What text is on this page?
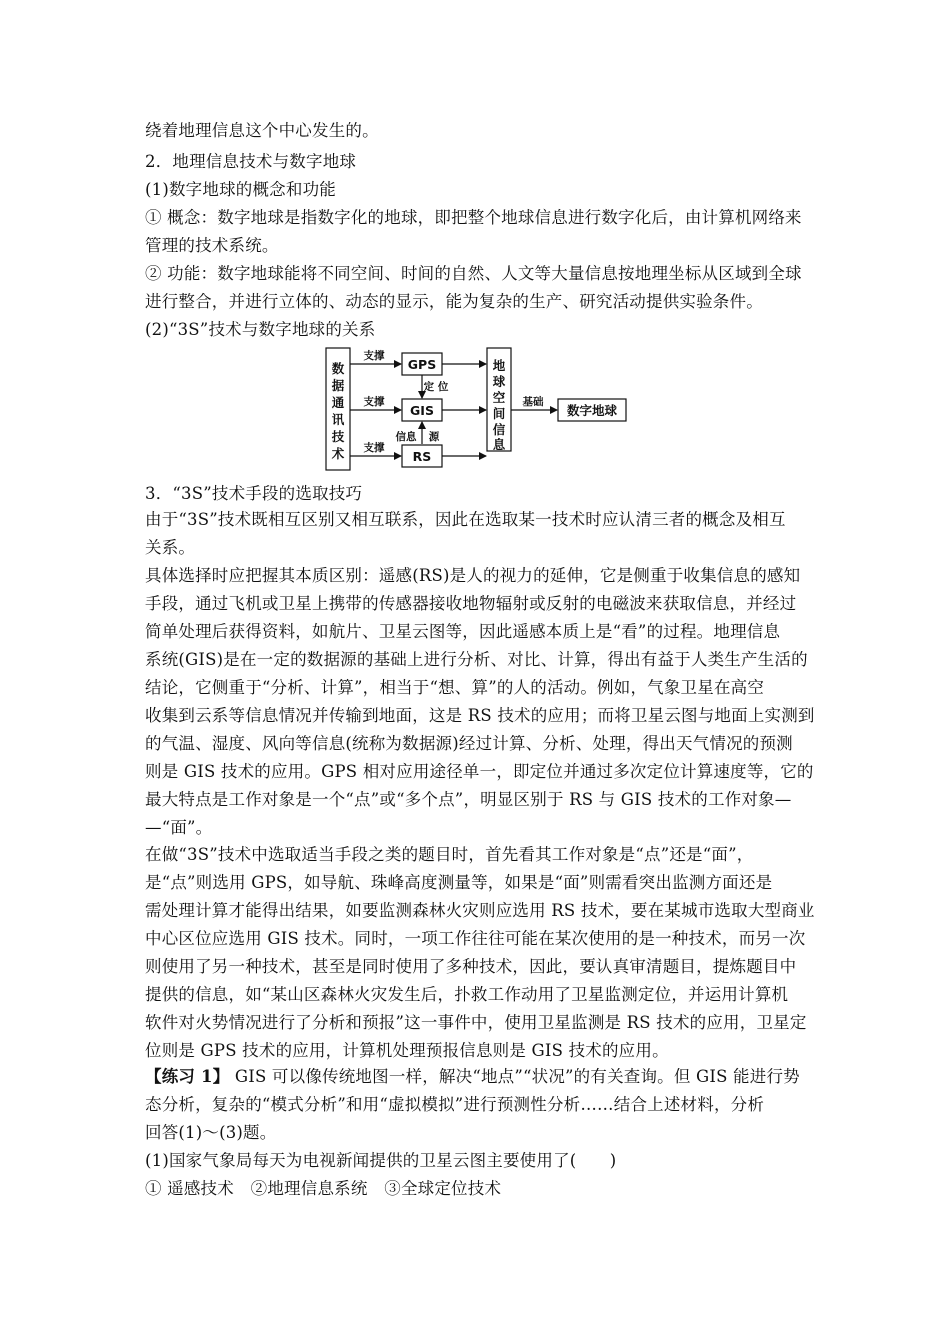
绕着地理信息这个中心发生的。
2．地理信息技术与数字地球
(1)数字地球的概念和功能
① 概念：数字地球是指数字化的地球，即把整个地球信息进行数字化后，由计算机网络来
管理的技术系统。
② 功能：数字地球能将不同空间、时间的自然、人文等大量信息按地理坐标从区域到全球
进行整合，并进行立体的、动态的显示，能为复杂的生产、研究活动提供实验条件。
(2)“3S”技术与数字地球的关系
数据通讯技术
GPS
GIS
RS
支撑
支撑
支撑
定 位
信息 源
地球空间信息
基础
数字地球
3．“3S”技术手段的选取技巧
由于“3S”技术既相互区别又相互联系，因此在选取某一技术时应认清三者的概念及相互
关系。
具体选择时应把握其本质区别：遥感(RS)是人的视力的延伸，它是侧重于收集信息的感知
手段，通过飞机或卫星上携带的传感器接收地物辐射或反射的电磁波来获取信息，并经过
简单处理后获得资料，如航片、卫星云图等，因此遥感本质上是“看”的过程。地理信息
系统(GIS)是在一定的数据源的基础上进行分析、对比、计算，得出有益于人类生产生活的
结论，它侧重于“分析、计算”，相当于“想、算”的人的活动。例如，气象卫星在高空
收集到云系等信息情况并传输到地面，这是 RS 技术的应用；而将卫星云图与地面上实测到
的气温、湿度、风向等信息(统称为数据源)经过计算、分析、处理，得出天气情况的预测
则是 GIS 技术的应用。GPS 相对应用途径单一，即定位并通过多次定位计算速度等，它的
最大特点是工作对象是一个“点”或“多个点”，明显区别于 RS 与 GIS 技术的工作对象—
—“面”。
在做“3S”技术中选取适当手段之类的题目时，首先看其工作对象是“点”还是“面”，
是“点”则选用 GPS，如导航、珠峰高度测量等，如果是“面”则需看突出监测方面还是
需处理计算才能得出结果，如要监测森林火灾则应选用 RS 技术，要在某城市选取大型商业
中心区位应选用 GIS 技术。同时，一项工作往往可能在某次使用的是一种技术，而另一次
则使用了另一种技术，甚至是同时使用了多种技术，因此，要认真审清题目，提炼题目中
提供的信息，如“某山区森林火灾发生后，扑救工作动用了卫星监测定位，并运用计算机
软件对火势情况进行了分析和预报”这一事件中，使用卫星监测是 RS 技术的应用，卫星定
位则是 GPS 技术的应用，计算机处理预报信息则是 GIS 技术的应用。
【练习 1】 GIS 可以像传统地图一样，解决“地点”“状况”的有关查询。但 GIS 能进行势
态分析，复杂的“模式分析”和用“虚拟模拟”进行预测性分析……结合上述材料，分析
回答(1)～(3)题。
(1)国家气象局每天为电视新闻提供的卫星云图主要使用了(　　)
① 遥感技术　②地理信息系统　③全球定位技术
